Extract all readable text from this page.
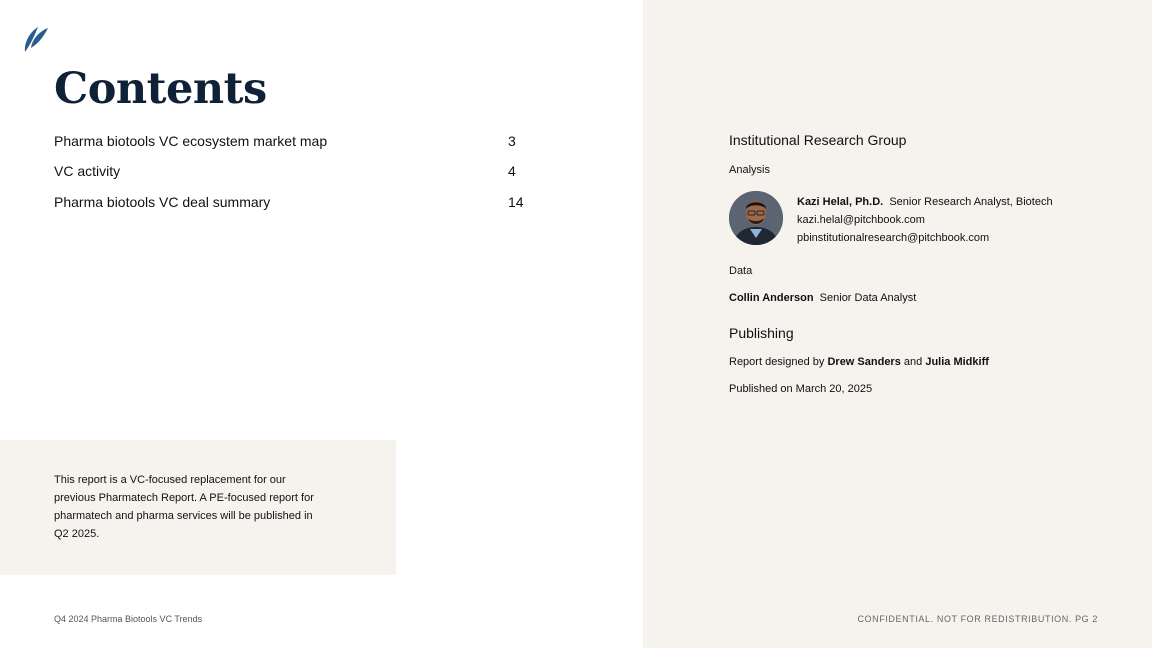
Contents
Pharma biotools VC ecosystem market map	3
VC activity	4
Pharma biotools VC deal summary	14

This report is a VC-focused replacement for our previous Pharmatech Report. A PE-focused report for pharmatech and pharma services will be published in Q2 2025.

Institutional Research Group
Analysis
Kazi Helal, Ph.D. Senior Research Analyst, Biotech
kazi.helal@pitchbook.com
pbinstitutionalresearch@pitchbook.com
Data
Collin Anderson Senior Data Analyst
Publishing
Report designed by Drew Sanders and Julia Midkiff
Published on March 20, 2025
Q4 2024 Pharma Biotools VC Trends	CONFIDENTIAL. NOT FOR REDISTRIBUTION. PG 2
